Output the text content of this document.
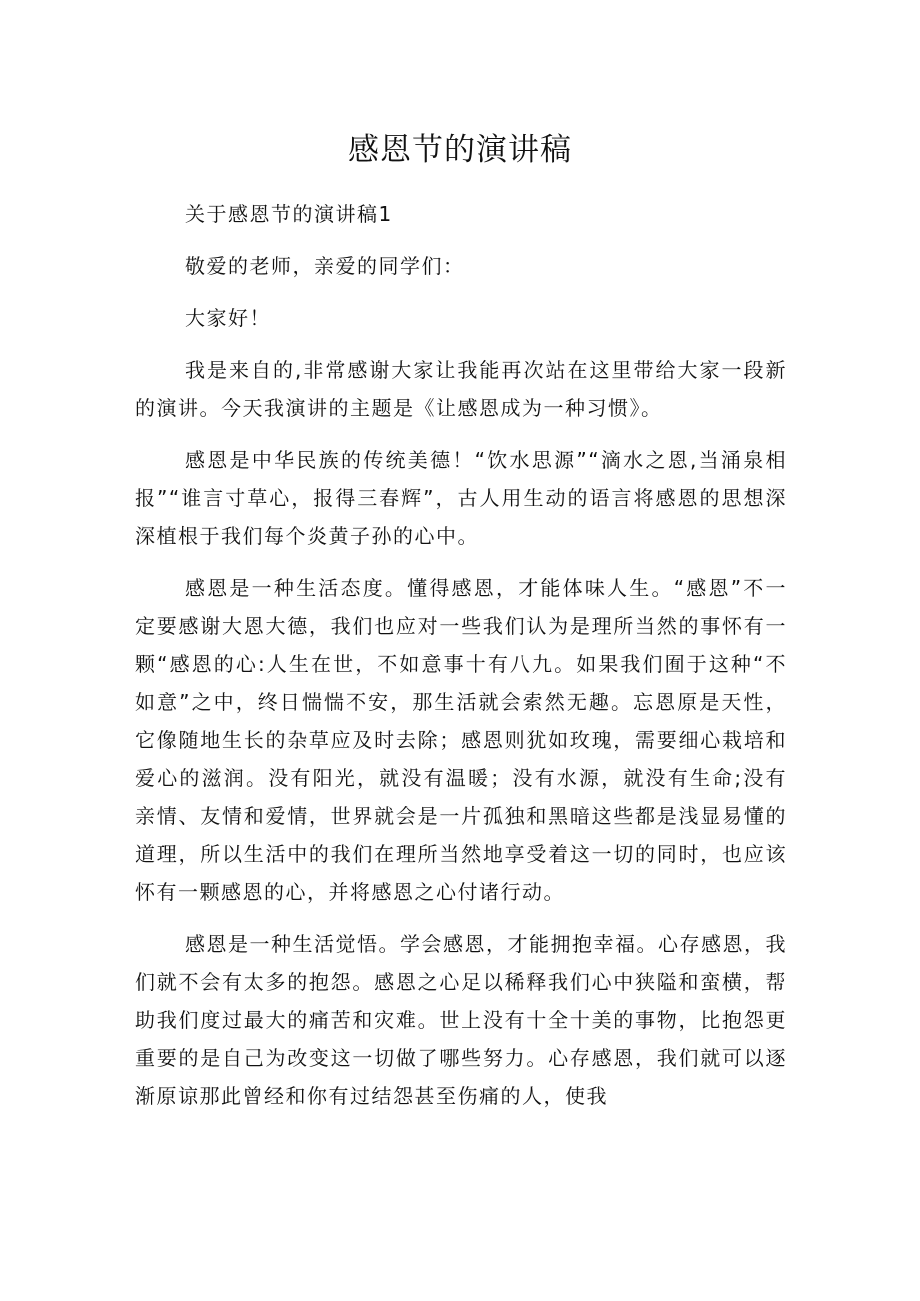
感恩节的演讲稿

关于感恩节的演讲稿1

敬爱的老师，亲爱的同学们：

大家好！

我是来自的,非常感谢大家让我能再次站在这里带给大家一段新的演讲。今天我演讲的主题是《让感恩成为一种习惯》。

感恩是中华民族的传统美德！“饮水思源”“滴水之恩,当涌泉相报”“谁言寸草心，报得三春辉”，古人用生动的语言将感恩的思想深深植根于我们每个炎黄子孙的心中。

感恩是一种生活态度。懂得感恩，才能体味人生。“感恩”不一定要感谢大恩大德，我们也应对一些我们认为是理所当然的事怀有一颗“感恩的心:人生在世，不如意事十有八九。如果我们囿于这种“不如意”之中，终日惴惴不安，那生活就会索然无趣。忘恩原是天性，它像随地生长的杂草应及时去除；感恩则犹如玫瑰，需要细心栽培和爱心的滋润。没有阳光，就没有温暖；没有水源，就没有生命;没有亲情、友情和爱情，世界就会是一片孤独和黑暗这些都是浅显易懂的道理，所以生活中的我们在理所当然地享受着这一切的同时，也应该怀有一颗感恩的心，并将感恩之心付诸行动。

感恩是一种生活觉悟。学会感恩，才能拥抱幸福。心存感恩，我们就不会有太多的抱怨。感恩之心足以稀释我们心中狭隘和蛮横，帮助我们度过最大的痛苦和灾难。世上没有十全十美的事物，比抱怨更重要的是自己为改变这一切做了哪些努力。心存感恩，我们就可以逐渐原谅那此曾经和你有过结怨甚至伤痛的人，使我
